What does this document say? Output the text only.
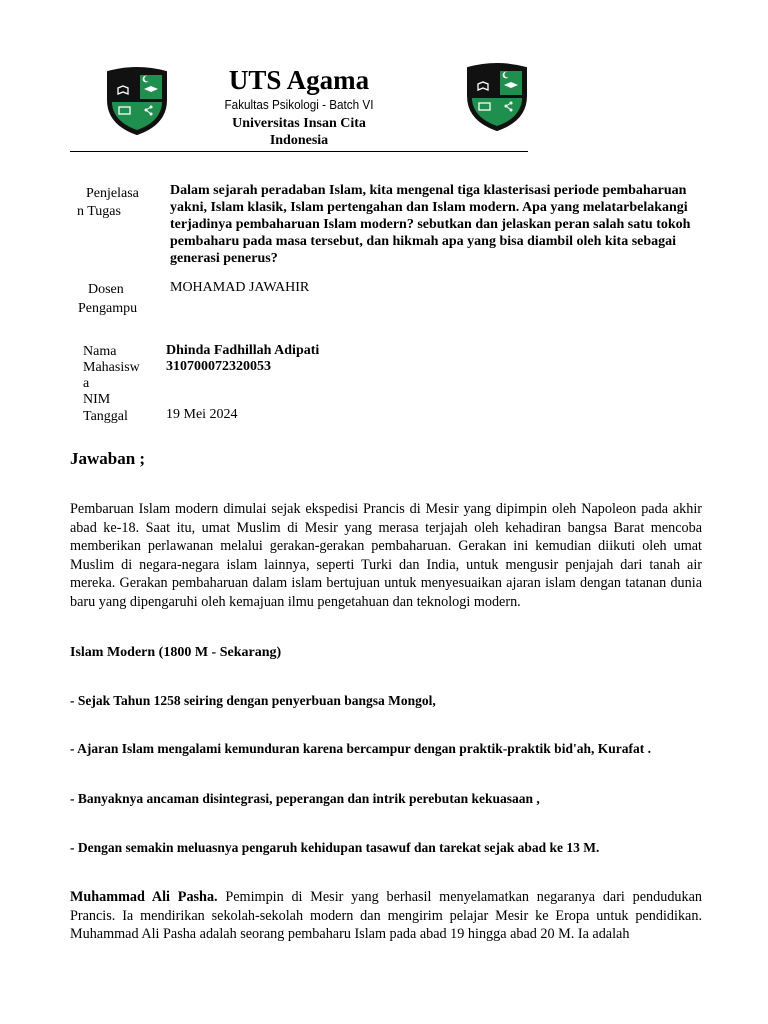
UTS Agama
Fakultas Psikologi - Batch VI
Universitas Insan Cita
Indonesia
Penjelasa
n Tugas
Dalam sejarah peradaban Islam, kita mengenal tiga klasterisasi periode pembaharuan yakni, Islam klasik, Islam pertengahan dan Islam modern. Apa yang melatarbelakangi terjadinya pembaharuan Islam modern? sebutkan dan jelaskan peran salah satu tokoh pembaharu pada masa tersebut, dan hikmah apa yang bisa diambil oleh kita sebagai generasi penerus?
Dosen
Pengampu
MOHAMAD JAWAHIR
Nama
Mahasisw
a
Dhinda Fadhillah Adipati
NIM
310700072320053
Tanggal	19 Mei 2024
Jawaban ;
Pembaruan Islam modern dimulai sejak ekspedisi Prancis di Mesir yang dipimpin oleh Napoleon pada akhir abad ke-18. Saat itu, umat Muslim di Mesir yang merasa terjajah oleh kehadiran bangsa Barat mencoba memberikan perlawanan melalui gerakan-gerakan pembaharuan. Gerakan ini kemudian diikuti oleh umat Muslim di negara-negara islam lainnya, seperti Turki dan India, untuk mengusir penjajah dari tanah air mereka. Gerakan pembaharuan dalam islam bertujuan untuk menyesuaikan ajaran islam dengan tatanan dunia baru yang dipengaruhi oleh kemajuan ilmu pengetahuan dan teknologi modern.
Islam Modern (1800 M - Sekarang)
- Sejak Tahun 1258 seiring dengan penyerbuan bangsa Mongol,
- Ajaran Islam mengalami kemunduran karena bercampur dengan praktik-praktik bid'ah, Kurafat .
- Banyaknya ancaman disintegrasi, peperangan dan intrik perebutan kekuasaan ,
- Dengan semakin meluasnya pengaruh kehidupan tasawuf dan tarekat sejak abad ke 13 M.
Muhammad Ali Pasha. Pemimpin di Mesir yang berhasil menyelamatkan negaranya dari pendudukan Prancis. Ia mendirikan sekolah-sekolah modern dan mengirim pelajar Mesir ke Eropa untuk pendidikan. Muhammad Ali Pasha adalah seorang pembaharu Islam pada abad 19 hingga abad 20 M. Ia adalah
